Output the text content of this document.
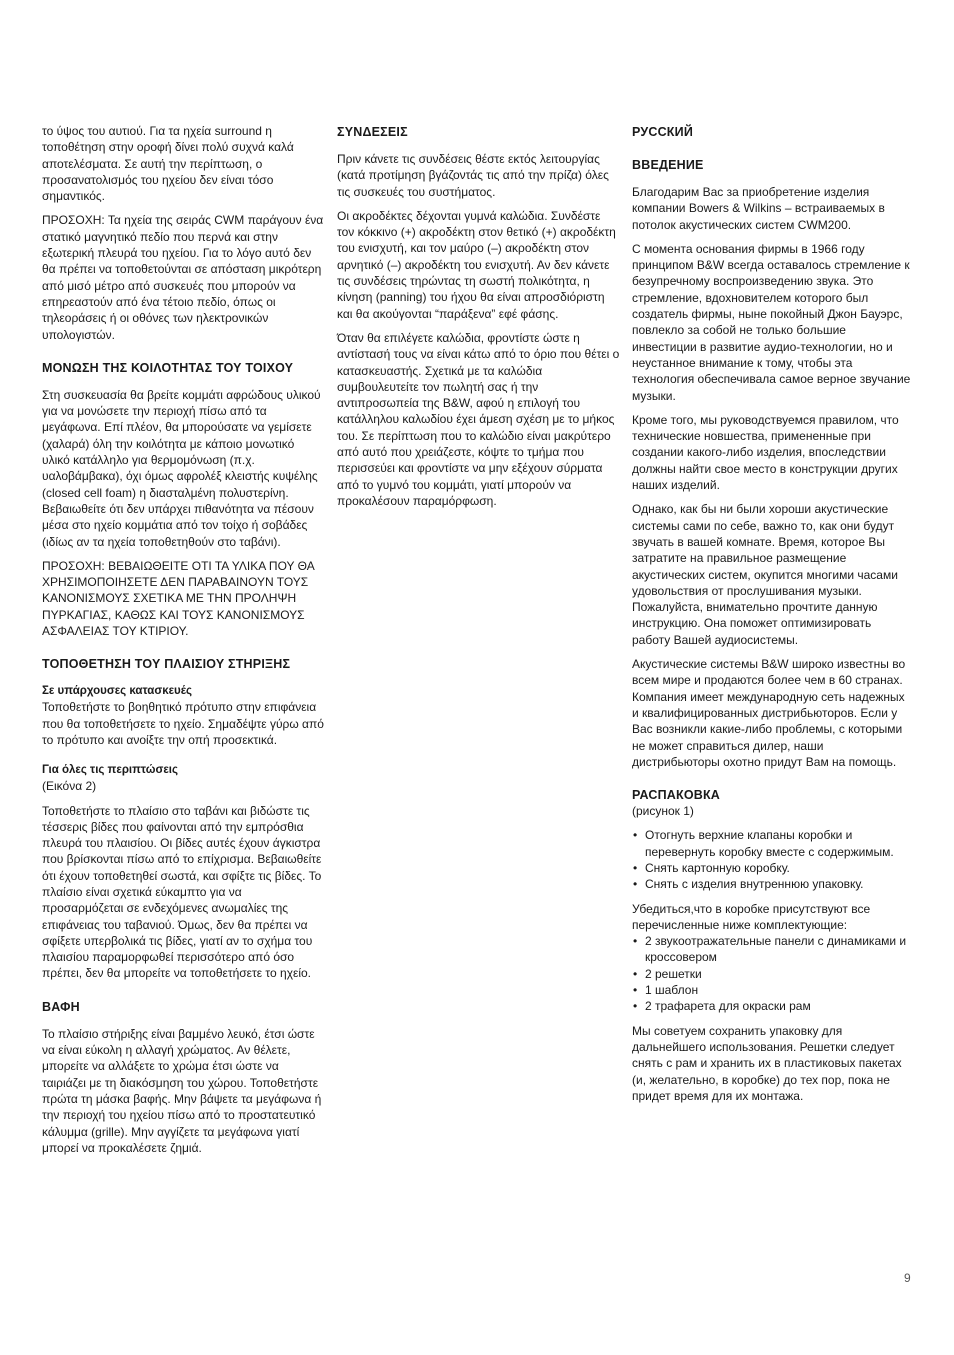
το ύψος του αυτιού. Για τα ηχεία surround η τοποθέτηση στην οροφή δίνει πολύ συχνά καλά αποτελέσματα. Σε αυτή την περίπτωση, ο προσανατολισμός του ηχείου δεν είναι τόσο σημαντικός.

ΠΡΟΣΟΧΗ: Τα ηχεία της σειράς CWM παράγουν ένα στατικό μαγνητικό πεδίο που περνά και στην εξωτερική πλευρά του ηχείου. Για το λόγο αυτό δεν θα πρέπει να τοποθετούνται σε απόσταση μικρότερη από μισό μέτρο από συσκευές που μπορούν να επηρεαστούν από ένα τέτοιο πεδίο, όπως οι τηλεοράσεις ή οι οθόνες των ηλεκτρονικών υπολογιστών.

ΜΟΝΩΣΗ ΤΗΣ ΚΟΙΛΟΤΗΤΑΣ ΤΟΥ ΤΟΙΧΟΥ

Στη συσκευασία θα βρείτε κομμάτι αφρώδους υλικού για να μονώσετε την περιοχή πίσω από τα μεγάφωνα. Επί πλέον, θα μπορούσατε να γεμίσετε (χαλαρά) όλη την κοιλότητα με κάποιο μονωτικό υλικό κατάλληλο για θερμομόνωση (π.χ. υαλοβάμβακα), όχι όμως αφρολέξ κλειστής κυψέλης (closed cell foam) η διασταλμένη πολυστερίνη. Βεβαιωθείτε ότι δεν υπάρχει πιθανότητα να πέσουν μέσα στο ηχείο κομμάτια από τον τοίχο ή σοβάδες (ιδίως αν τα ηχεία τοποθετηθούν στο ταβάνι).

ΠΡΟΣΟΧΗ: ΒΕΒΑΙΩΘΕΙΤΕ ΟΤΙ ΤΑ ΥΛΙΚΑ ΠΟΥ ΘΑ ΧΡΗΣΙΜΟΠΟΙΗΣΕΤΕ ΔΕΝ ΠΑΡΑΒΑΙΝΟΥΝ ΤΟΥΣ ΚΑΝΟΝΙΣΜΟΥΣ ΣΧΕΤΙΚΑ ΜΕ ΤΗΝ ΠΡΟΛΗΨΗ ΠΥΡΚΑΓΙΑΣ, ΚΑΘΩΣ ΚΑΙ ΤΟΥΣ ΚΑΝΟΝΙΣΜΟΥΣ ΑΣΦΑΛΕΙΑΣ ΤΟΥ ΚΤΙΡΙΟΥ.

ΤΟΠΟΘΕΤΗΣΗ ΤΟΥ ΠΛΑΙΣΙΟΥ ΣΤΗΡΙΞΗΣ
Σε υπάρχουσες κατασκευές

Τοποθετήστε το βοηθητικό πρότυπο στην επιφάνεια που θα τοποθετήσετε το ηχείο. Σημαδέψτε γύρω από το πρότυπο και ανοίξτε την οπή προσεκτικά.

Για όλες τις περιπτώσεις

(Εικόνα 2)

Τοποθετήστε το πλαίσιο στο ταβάνι και βιδώστε τις τέσσερις βίδες που φαίνονται από την εμπρόσθια πλευρά του πλαισίου. Οι βίδες αυτές έχουν άγκιστρα που βρίσκονται πίσω από το επίχρισμα. Βεβαιωθείτε ότι έχουν τοποθετηθεί σωστά, και σφίξτε τις βίδες. Το πλαίσιο είναι σχετικά εύκαμπτο για να προσαρμόζεται σε ενδεχόμενες ανωμαλίες της επιφάνειας του ταβανιού. Όμως, δεν θα πρέπει να σφίξετε υπερβολικά τις βίδες, γιατί αν το σχήμα του πλαισίου παραμορφωθεί περισσότερο από όσο πρέπει, δεν θα μπορείτε να τοποθετήσετε το ηχείο.

ΒΑΦΗ

Το πλαίσιο στήριξης είναι βαμμένο λευκό, έτσι ώστε να είναι εύκολη η αλλαγή χρώματος. Αν θέλετε, μπορείτε να αλλάξετε το χρώμα έτσι ώστε να ταιριάζει με τη διακόσμηση του χώρου. Τοποθετήστε πρώτα τη μάσκα βαφής. Μην βάψετε τα μεγάφωνα ή την περιοχή του ηχείου πίσω από το προστατευτικό κάλυμμα (grille). Μην αγγίζετε τα μεγάφωνα γιατί μπορεί να προκαλέσετε ζημιά.

ΣΥΝΔΕΣΕΙΣ

Πριν κάνετε τις συνδέσεις θέστε εκτός λειτουργίας (κατά προτίμηση βγάζοντάς τις από την πρίζα) όλες τις συσκευές του συστήματος.

Οι ακροδέκτες δέχονται γυμνά καλώδια. Συνδέστε τον κόκκινο (+) ακροδέκτη στον θετικό (+) ακροδέκτη του ενισχυτή, και τον μαύρο (–) ακροδέκτη στον αρνητικό (–) ακροδέκτη του ενισχυτή. Αν δεν κάνετε τις συνδέσεις τηρώντας τη σωστή πολικότητα, η κίνηση (panning) του ήχου θα είναι απροσδιόριστη και θα ακούγονται “παράξενα” εφέ φάσης.

Όταν θα επιλέγετε καλώδια, φροντίστε ώστε η αντίστασή τους να είναι κάτω από το όριο που θέτει ο κατασκευαστής. Σχετικά με τα καλώδια συμβουλευτείτε τον πωλητή σας ή την αντιπροσωπεία της B&W, αφού η επιλογή του κατάλληλου καλωδίου έχει άμεση σχέση με το μήκος του. Σε περίπτωση που το καλώδιο είναι μακρύτερο από αυτό που χρειάζεστε, κόψτε το τμήμα που περισσεύει και φροντίστε να μην εξέχουν σύρματα από το γυμνό του κομμάτι, γιατί μπορούν να προκαλέσουν παραμόρφωση.

РУССКИЙ
ВВЕДЕНИЕ

Благодарим Вас за приобретение изделия компании Bowers & Wilkins – встраиваемых в потолок акустических систем CWM200.

С момента основания фирмы в 1966 году принципом B&W всегда оставалось стремление к безупречному воспроизведению звука. Это стремление, вдохновителем которого был создатель фирмы, ныне покойный Джон Бауэрс, повлекло за собой не только большие инвестиции в развитие аудио-технологии, но и неустанное внимание к тому, чтобы эта технология обеспечивала самое верное звучание музыки.

Кроме того, мы руководствуемся правилом, что технические новшества, примененные при создании какого-либо изделия, впоследствии должны найти свое место в конструкции других наших изделий.

Однако, как бы ни были хороши акустические системы сами по себе, важно то, как они будут звучать в вашей комнате. Время, которое Вы затратите на правильное размещение акустических систем, окупится многими часами удовольствия от прослушивания музыки. Пожалуйста, внимательно прочтите данную инструкцию. Она поможет оптимизировать работу Вашей аудиосистемы.

Акустические системы B&W широко известны во всем мире и продаются более чем в 60 странах. Компания имеет международную сеть надежных и квалифицированных дистрибьюторов. Если у Вас возникли какие-либо проблемы, с которыми не может справиться дилер, наши дистрибьюторы охотно придут Вам на помощь.

РАСПАКОВКА

(рисунок 1)

• Отогнуть верхние клапаны коробки и перевернуть коробку вместе с содержимым.
• Снять картонную коробку.
• Снять с изделия внутреннюю упаковку.

Убедиться,что в коробке присутствуют все перечисленные ниже комплектующие:

• 2 звукоотражательные панели с динамиками и кроссовером
• 2 решетки
• 1 шаблон
• 2 трафарета для окраски рам

Мы советуем сохранить упаковку для дальнейшего использования. Решетки следует снять с рам и хранить их в пластиковых пакетах (и, желательно, в коробке) до тех пор, пока не придет время для их монтажа.

9
